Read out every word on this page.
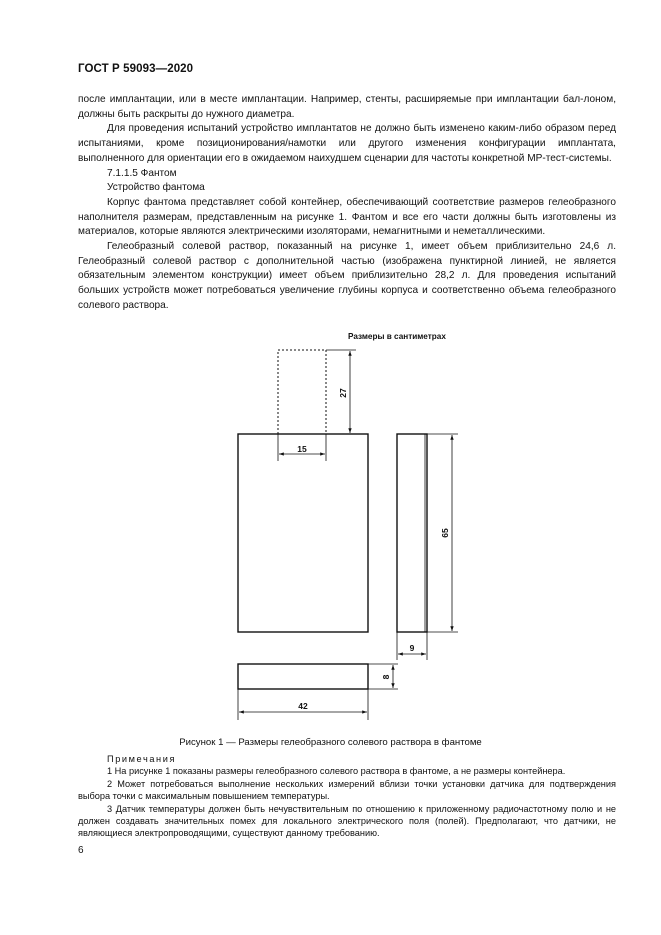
ГОСТ Р 59093—2020

после имплантации, или в месте имплантации. Например, стенты, расширяемые при имплантации бал-лоном, должны быть раскрыты до нужного диаметра.

Для проведения испытаний устройство имплантатов не должно быть изменено каким-либо образом перед испытаниями, кроме позиционирования/намотки или другого изменения конфигурации имплантата, выполненного для ориентации его в ожидаемом наихудшем сценарии для частоты конкретной МР-тест-системы.

7.1.1.5 Фантом

Устройство фантома

Корпус фантома представляет собой контейнер, обеспечивающий соответствие размеров гелеобразного наполнителя размерам, представленным на рисунке 1. Фантом и все его части должны быть изготовлены из материалов, которые являются электрическими изоляторами, немагнитными и неметаллическими.

Гелеобразный солевой раствор, показанный на рисунке 1, имеет объем приблизительно 24,6 л. Гелеобразный солевой раствор с дополнительной частью (изображена пунктирной линией, не является обязательным элементом конструкции) имеет объем приблизительно 28,2 л. Для проведения испытаний больших устройств может потребоваться увеличение глубины корпуса и соответственно объема гелеобразного солевого раствора.

Размеры в сантиметрах
27
15
65
9
8
42
Рисунок 1 — Размеры гелеобразного солевого раствора в фантоме

Примечания

1 На рисунке 1 показаны размеры гелеобразного солевого раствора в фантоме, а не размеры контейнера.

2 Может потребоваться выполнение нескольких измерений вблизи точки установки датчика для подтверждения выбора точки с максимальным повышением температуры.

3 Датчик температуры должен быть нечувствительным по отношению к приложенному радиочастотному полю и не должен создавать значительных помех для локального электрического поля (полей). Предполагают, что датчики, не являющиеся электропроводящими, существуют данному требованию.

6
